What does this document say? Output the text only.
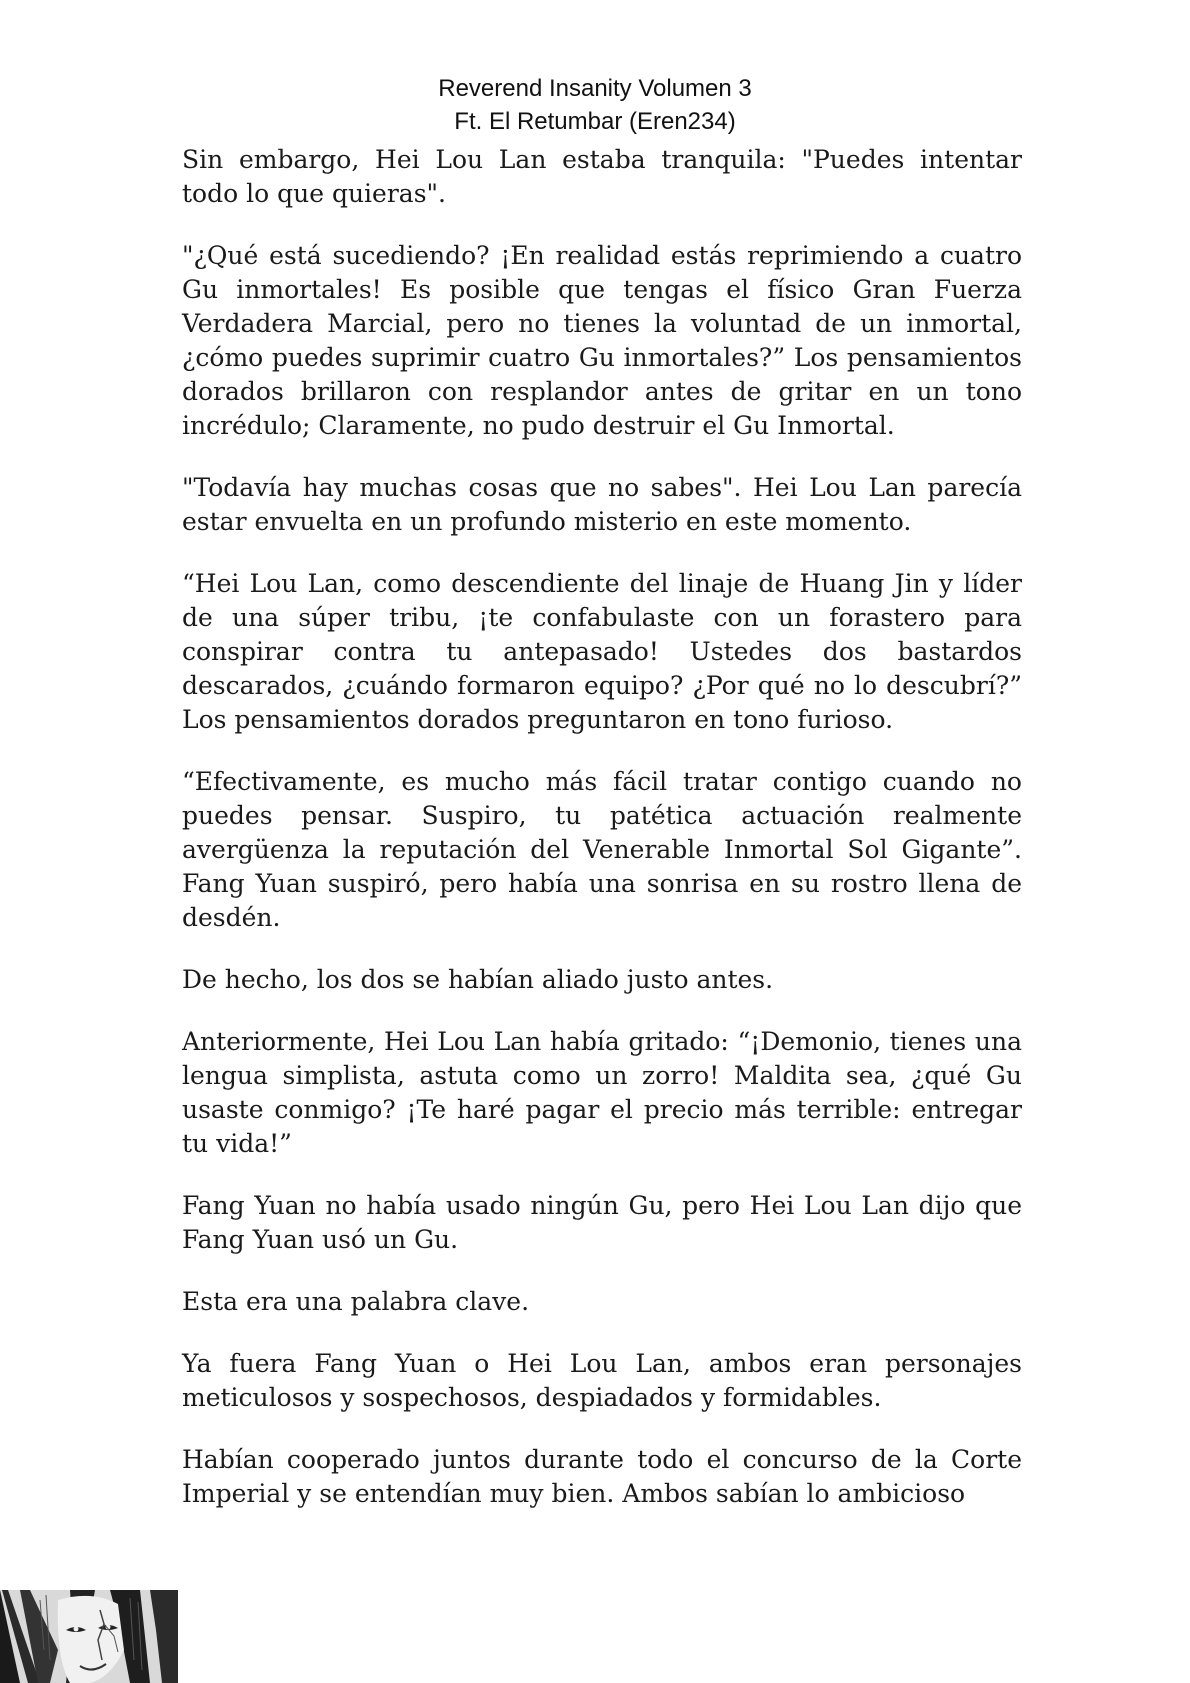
Reverend Insanity Volumen 3
Ft. El Retumbar (Eren234)

Sin embargo, Hei Lou Lan estaba tranquila: "Puedes intentar todo lo que quieras".

"¿Qué está sucediendo? ¡En realidad estás reprimiendo a cuatro Gu inmortales! Es posible que tengas el físico Gran Fuerza Verdadera Marcial, pero no tienes la voluntad de un inmortal, ¿cómo puedes suprimir cuatro Gu inmortales?” Los pensamientos dorados brillaron con resplandor antes de gritar en un tono incrédulo; Claramente, no pudo destruir el Gu Inmortal.

"Todavía hay muchas cosas que no sabes". Hei Lou Lan parecía estar envuelta en un profundo misterio en este momento.

“Hei Lou Lan, como descendiente del linaje de Huang Jin y líder de una súper tribu, ¡te confabulaste con un forastero para conspirar contra tu antepasado! Ustedes dos bastardos descarados, ¿cuándo formaron equipo? ¿Por qué no lo descubrí?” Los pensamientos dorados preguntaron en tono furioso.

“Efectivamente, es mucho más fácil tratar contigo cuando no puedes pensar. Suspiro, tu patética actuación realmente avergüenza la reputación del Venerable Inmortal Sol Gigante”. Fang Yuan suspiró, pero había una sonrisa en su rostro llena de desdén.

De hecho, los dos se habían aliado justo antes.

Anteriormente, Hei Lou Lan había gritado: “¡Demonio, tienes una lengua simplista, astuta como un zorro! Maldita sea, ¿qué Gu usaste conmigo? ¡Te haré pagar el precio más terrible: entregar tu vida!”

Fang Yuan no había usado ningún Gu, pero Hei Lou Lan dijo que Fang Yuan usó un Gu.

Esta era una palabra clave.

Ya fuera Fang Yuan o Hei Lou Lan, ambos eran personajes meticulosos y sospechosos, despiadados y formidables.

Habían cooperado juntos durante todo el concurso de la Corte Imperial y se entendían muy bien. Ambos sabían lo ambicioso
